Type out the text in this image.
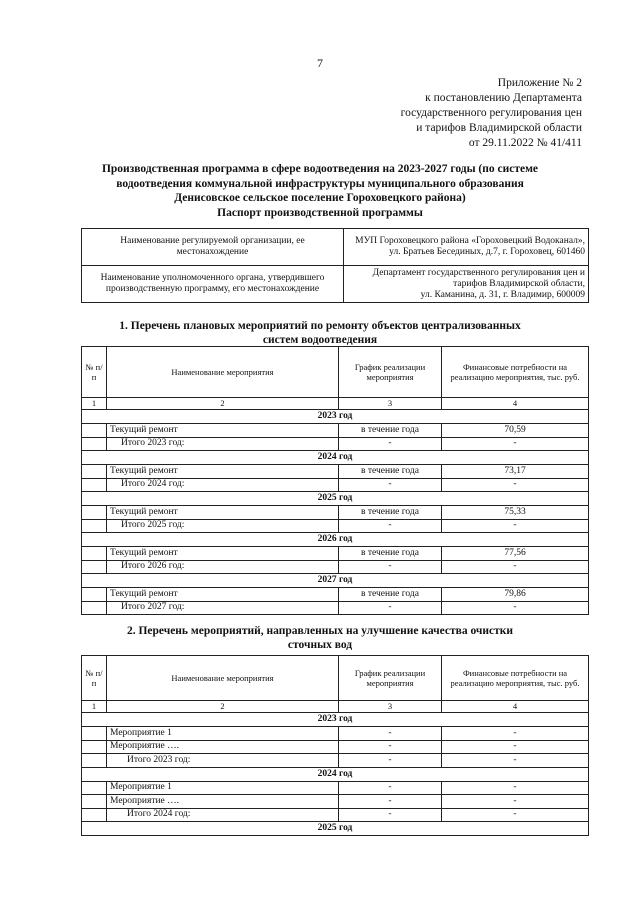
7
Приложение № 2
к постановлению Департамента
государственного регулирования цен
и тарифов Владимирской области
от 29.11.2022 № 41/411
Производственная программа в сфере водоотведения на 2023-2027 годы (по системе
водоотведения коммунальной инфраструктуры муниципального образования
Денисовское сельское поселение Гороховецкого района)
Паспорт производственной программы
Наименование регулируемой организации, ее местонахождение	МУП Гороховецкого района «Гороховецкий Водоканал»,
ул. Братьев Бесединых, д.7, г. Гороховец, 601460

Наименование уполномоченного органа, утвердившего производственную программу, его местонахождение	Департамент государственного регулирования цен и тарифов Владимирской области,
ул. Каманина, д. 31, г. Владимир, 600009
1. Перечень плановых мероприятий по ремонту объектов централизованных
систем водоотведения
№ п/п	Наименование мероприятия	График реализации мероприятия	Финансовые потребности на реализацию мероприятия, тыс. руб.
1	2	3	4
2023 год			
	Текущий ремонт	в течение года	70,59
	Итого 2023 год:	-	-
2024 год			
	Текущий ремонт	в течение года	73,17
	Итого 2024 год:	-	-
2025 год			
	Текущий ремонт	в течение года	75,33
	Итого 2025 год:	-	-
2026 год			
	Текущий ремонт	в течение года	77,56
	Итого 2026 год:	-	-
2027 год			
	Текущий ремонт	в течение года	79,86
	Итого 2027 год:	-	-
2. Перечень мероприятий, направленных на улучшение качества очистки
сточных вод
№ п/п	Наименование мероприятия	График реализации мероприятия	Финансовые потребности на реализацию мероприятия, тыс. руб.
1	2	3	4
2023 год			
	Мероприятие 1	-	-
	Мероприятие ….	-	-
	Итого 2023 год:	-	-
2024 год			
	Мероприятие 1	-	-
	Мероприятие ….	-	-
	Итого 2024 год:	-	-
2025 год			
